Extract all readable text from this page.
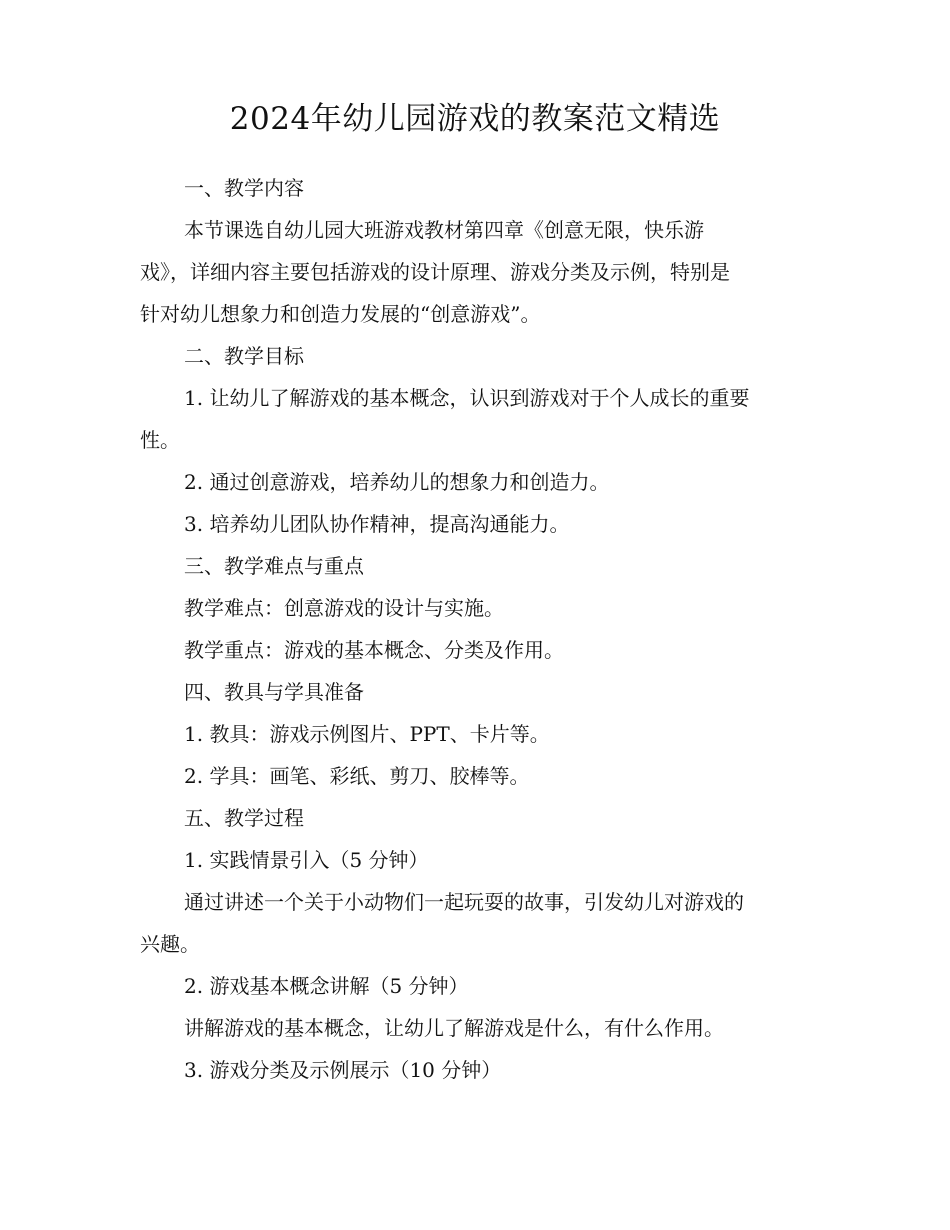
2024年幼儿园游戏的教案范文精选

一、教学内容

本节课选自幼儿园大班游戏教材第四章《创意无限，快乐游

戏》，详细内容主要包括游戏的设计原理、游戏分类及示例，特别是

针对幼儿想象力和创造力发展的“创意游戏”。

二、教学目标

1. 让幼儿了解游戏的基本概念，认识到游戏对于个人成长的重要

性。

2. 通过创意游戏，培养幼儿的想象力和创造力。

3. 培养幼儿团队协作精神，提高沟通能力。

三、教学难点与重点

教学难点：创意游戏的设计与实施。

教学重点：游戏的基本概念、分类及作用。

四、教具与学具准备

1. 教具：游戏示例图片、PPT、卡片等。

2. 学具：画笔、彩纸、剪刀、胶棒等。

五、教学过程

1. 实践情景引入（5 分钟）

通过讲述一个关于小动物们一起玩耍的故事，引发幼儿对游戏的

兴趣。

2. 游戏基本概念讲解（5 分钟）

讲解游戏的基本概念，让幼儿了解游戏是什么，有什么作用。

3. 游戏分类及示例展示（10 分钟）
